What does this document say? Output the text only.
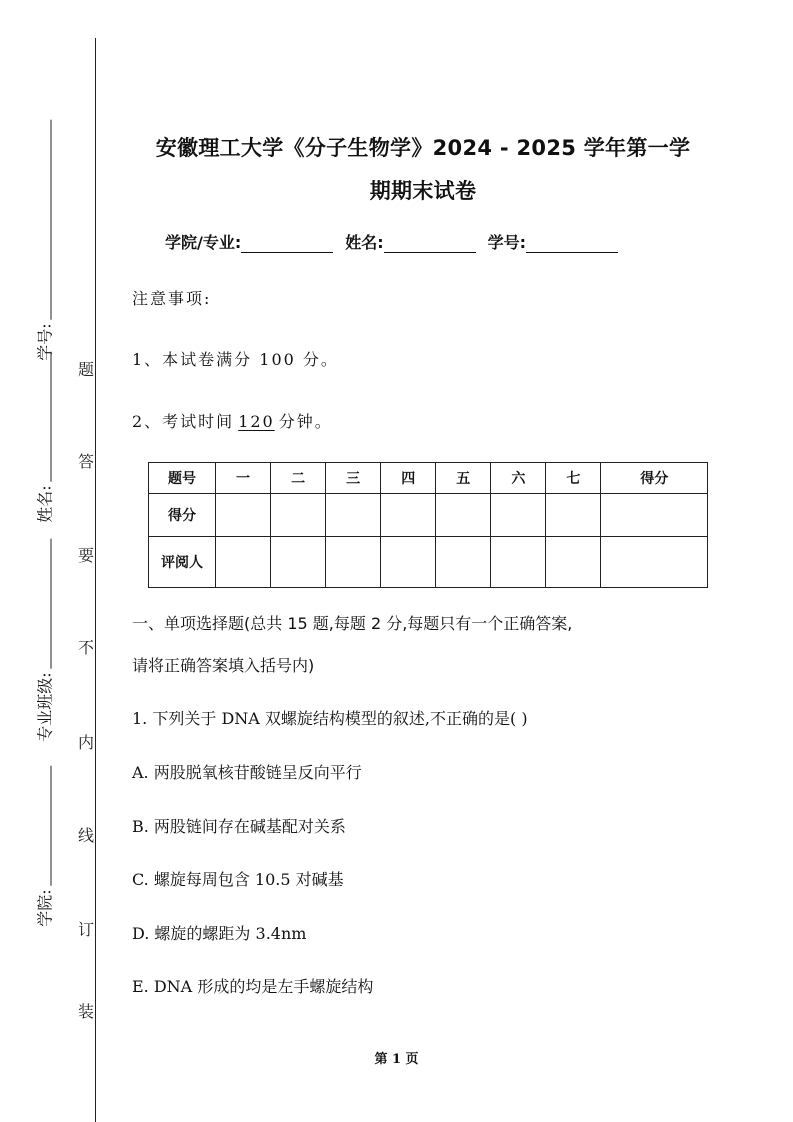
题
答
要
不
内
线
订
装
学号:
姓名:
专业班级:
学院:
安徽理工大学《分子生物学》2024 - 2025 学年第一学
期期末试卷
学院/专业:	姓名:	学号:
注意事项:
1、本试卷满分 100 分。
2、考试时间 120 分钟。
题号	一	二	三	四	五	六	七	得分
得分								
评阅人								
一、单项选择题(总共 15 题,每题 2 分,每题只有一个正确答案,
请将正确答案填入括号内)
1. 下列关于 DNA 双螺旋结构模型的叙述,不正确的是( )
A. 两股脱氧核苷酸链呈反向平行
B. 两股链间存在碱基配对关系
C. 螺旋每周包含 10.5 对碱基
D. 螺旋的螺距为 3.4nm
E. DNA 形成的均是左手螺旋结构
第 1 页
